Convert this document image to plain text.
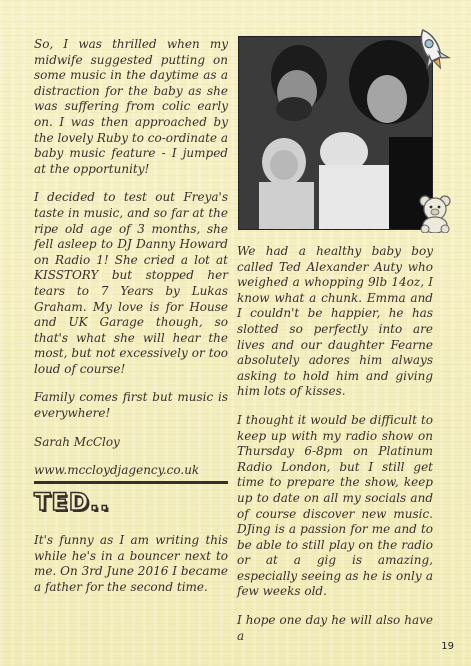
So, I was thrilled when my midwife suggested putting on some music in the daytime as a distraction for the baby as she was suffering from colic early on. I was then approached by the lovely Ruby to co-ordinate a baby music feature - I jumped at the opportunity!

I decided to test out Freya's taste in music, and so far at the ripe old age of 3 months, she fell asleep to DJ Danny Howard on Radio 1! She cried a lot at KISSTORY but stopped her tears to 7 Years by Lukas Graham. My love is for House and UK Garage though, so that's what she will hear the most, but not excessively or too loud of course!

Family comes first but music is everywhere!

Sarah McCloy

www.mccloydjagency.co.uk

TED..

It's funny as I am writing this while he's in a bouncer next to me. On 3rd June 2016 I became a father for the second time.

We had a healthy baby boy called Ted Alexander Auty who weighed a whopping 9lb 14oz, I know what a chunk. Emma and I couldn't be happier, he has slotted so perfectly into are lives and our daughter Fearne absolutely adores him always asking to hold him and giving him lots of kisses.

I thought it would be difficult to keep up with my radio show on Thursday 6-8pm on Platinum Radio London, but I still get time to prepare the show, keep up to date on all my socials and of course discover new music. DJing is a passion for me and to be able to still play on the radio or at a gig is amazing, especially seeing as he is only a few weeks old.

I hope one day he will also have a

19
